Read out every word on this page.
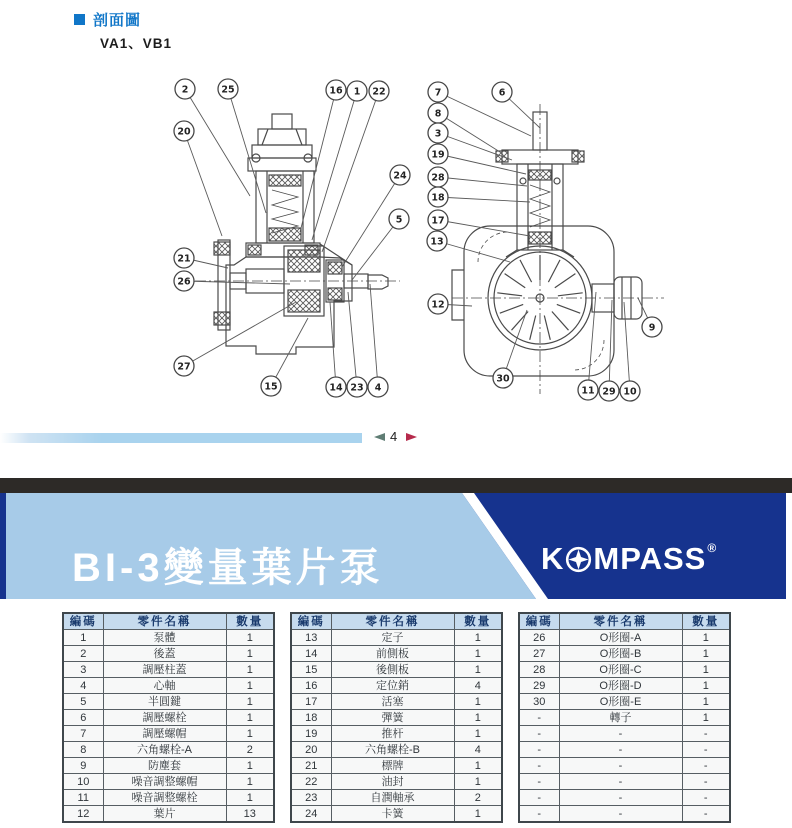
剖面圖
VA1、VB1
2	25	16 1 22
20
24
5
21
26
27
15	14 23 4
7	6
8
3
19
28
18
17
13
12
30
11 29 10
9
4
BI-3變量葉片泵	K MPASS®
編碼	零件名稱	數量
1	泵體	1
2	後蓋	1
3	調壓柱蓋	1
4	心軸	1
5	半圓鍵	1
6	調壓螺栓	1
7	調壓螺帽	1
8	六角螺栓-A	2
9	防塵套	1
10	噪音調整螺帽	1
11	噪音調整螺栓	1
12	葉片	13
編碼	零件名稱	數量
13	定子	1
14	前側板	1
15	後側板	1
16	定位銷	4
17	活塞	1
18	彈簧	1
19	推杆	1
20	六角螺栓-B	4
21	標牌	1
22	油封	1
23	自潤軸承	2
24	卡簧	1
編碼	零件名稱	數量
26	O形圈-A	1
27	O形圈-B	1
28	O形圈-C	1
29	O形圈-D	1
30	O形圈-E	1
-	轉子	1
-	-	-
-	-	-
-	-	-
-	-	-
-	-	-
-	-	-
